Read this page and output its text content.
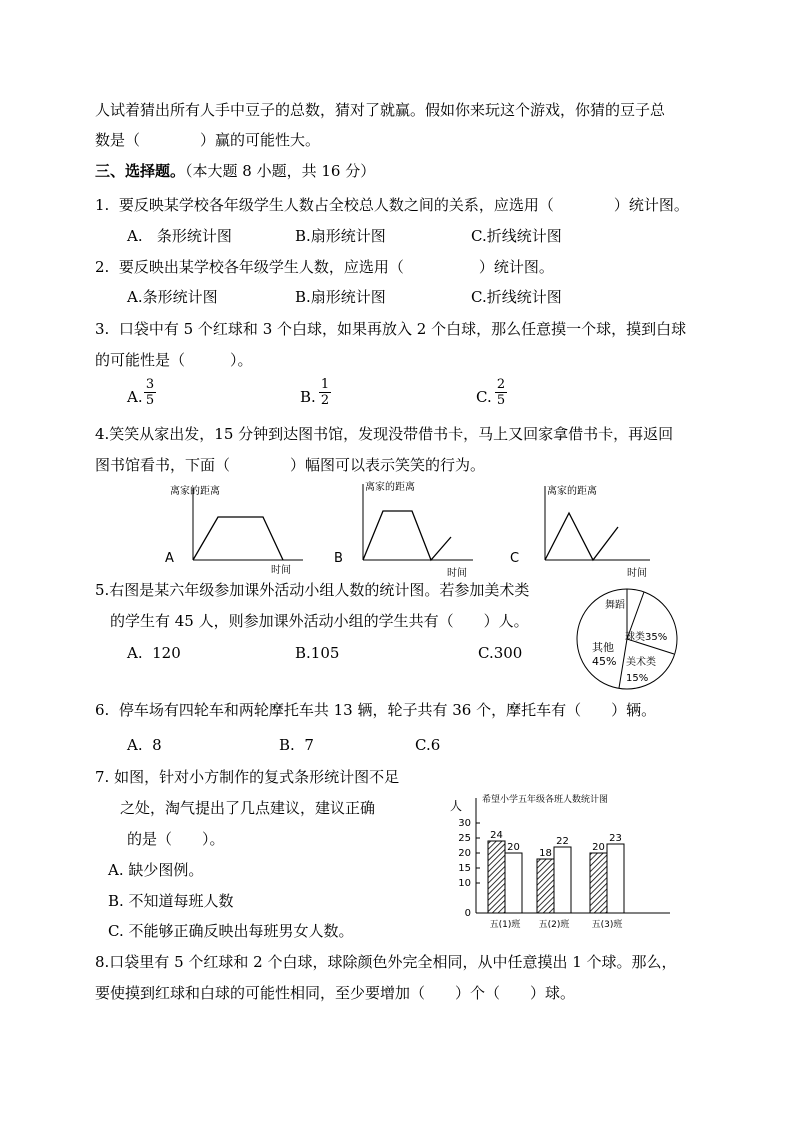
人试着猜出所有人手中豆子的总数，猜对了就赢。假如你来玩这个游戏，你猜的豆子总
数是（　　　　）赢的可能性大。
三、选择题。（本大题 8 小题，共 16 分）
1.  要反映某学校各年级学生人数占全校总人数之间的关系，应选用（　　　　）统计图。
A.   条形统计图	B.扇形统计图	C.折线统计图
2.  要反映出某学校各年级学生人数，应选用（　　　　　）统计图。
A.条形统计图	B.扇形统计图	C.折线统计图
3.  口袋中有 5 个红球和 3 个白球，如果再放入 2 个白球，那么任意摸一个球，摸到白球
的可能性是（　　　）。
A. $\frac{3}{5}$	B. $\frac{1}{2}$	C. $\frac{2}{5}$
4.笑笑从家出发，15 分钟到达图书馆，发现没带借书卡，马上又回家拿借书卡，再返回
图书馆看书，下面（　　　　）幅图可以表示笑笑的行为。
离家的距离
时间
A
离家的距离
时间
B
离家的距离
时间
C
5.右图是某六年级参加课外活动小组人数的统计图。若参加美术类
的学生有 45 人，则参加课外活动小组的学生共有（　　）人。
A.  120	B.105	C.300
舞蹈
球类35%
其他
45% 美术类
15%
6.  停车场有四轮车和两轮摩托车共 13 辆，轮子共有 36 个，摩托车有（　　）辆。
A.  8	B.  7	C.6
7. 如图，针对小方制作的复式条形统计图不足
之处，淘气提出了几点建议，建议正确
的是（　　）。
A. 缺少图例。
B. 不知道每班人数
C. 不能够正确反映出每班男女人数。
希望小学五年级各班人数统计图
人
0
10
15
20
25
30
24
20
五(1)班
18
22
五(2)班
20
23
五(3)班
8.口袋里有 5 个红球和 2 个白球，球除颜色外完全相同，从中任意摸出 1 个球。那么，
要使摸到红球和白球的可能性相同，至少要增加（　　）个（　　）球。
